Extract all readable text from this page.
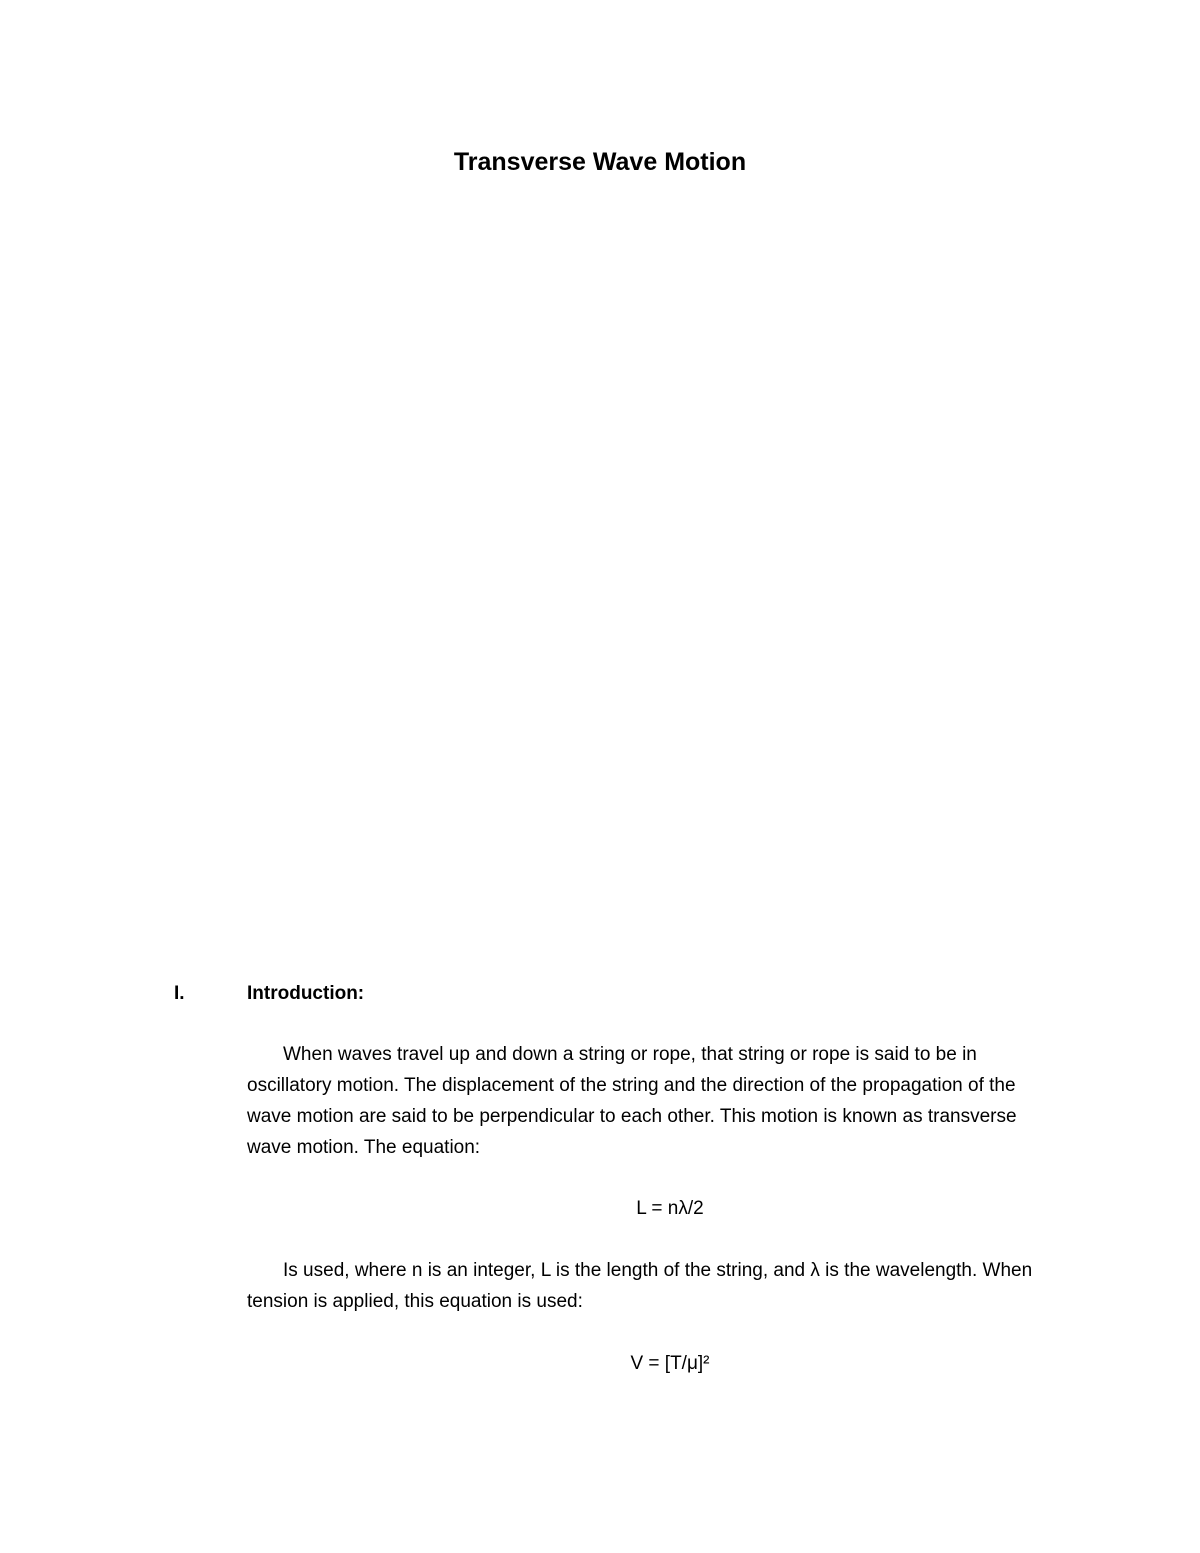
Transverse Wave Motion
I.	Introduction:

When waves travel up and down a string or rope, that string or rope is said to be in oscillatory motion. The displacement of the string and the direction of the propagation of the wave motion are said to be perpendicular to each other. This motion is known as transverse wave motion. The equation:

L = nλ/2

Is used, where n is an integer, L is the length of the string, and λ is the wavelength. When tension is applied, this equation is used:

V = [T/μ]²
